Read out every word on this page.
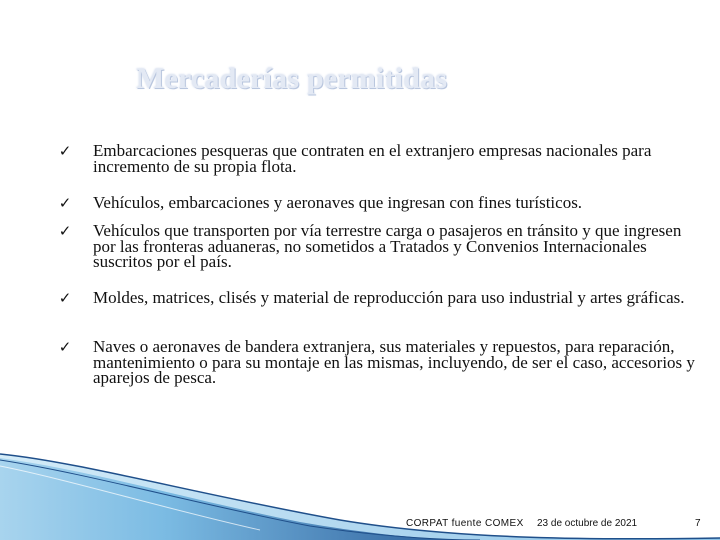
Mercaderías permitidas
✓ Embarcaciones pesqueras que contraten en el extranjero empresas nacionales para incremento de su propia flota.

✓ Vehículos, embarcaciones y aeronaves que ingresan con fines turísticos.

✓ Vehículos que transporten por vía terrestre carga o pasajeros en tránsito y que ingresen por las fronteras aduaneras, no sometidos a Tratados y Convenios Internacionales suscritos por el país.

✓ Moldes, matrices, clisés y material de reproducción para uso industrial y artes gráficas.

✓ Naves o aeronaves de bandera extranjera, sus materiales y repuestos, para reparación, mantenimiento o para su montaje en las mismas, incluyendo, de ser el caso, accesorios y aparejos de pesca.

CORPAT fuente COMEX 23 de octubre de 2021	7
